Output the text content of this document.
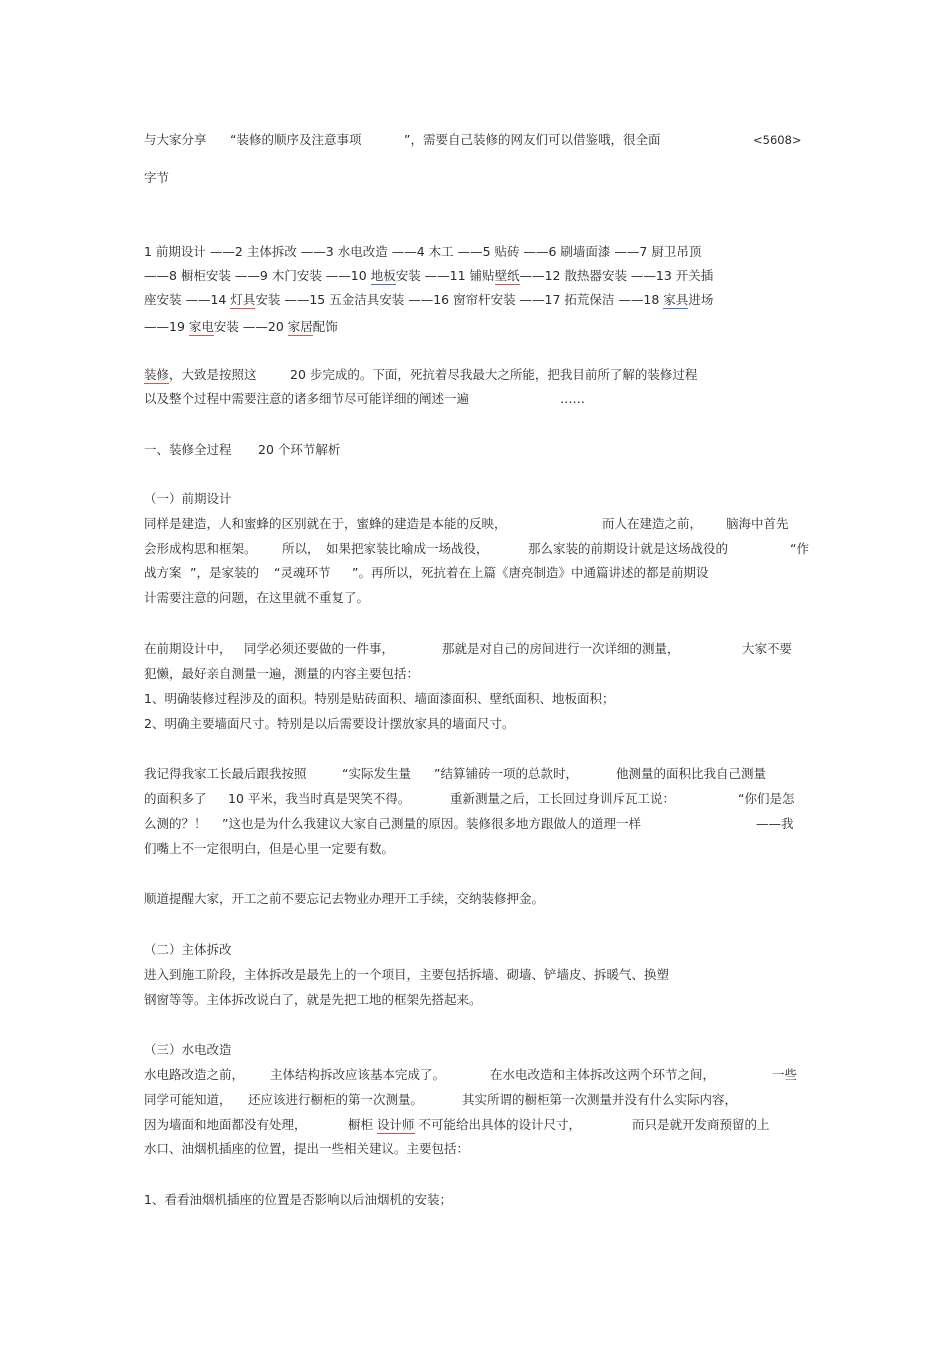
与大家分享 “装修的顺序及注意事项	”，需要自己装修的网友们可以借鉴哦，很全面	<5608>
字节
1 前期设计 ——2 主体拆改 ——3 水电改造 ——4 木工 ——5 贴砖 ——6 刷墙面漆 ——7 厨卫吊顶
——8 橱柜安装 ——9 木门安装 ——10 地板安装 ——11 铺贴壁纸——12 散热器安装 ——13 开关插
座安装 ——14 灯具安装 ——15 五金洁具安装 ——16 窗帘杆安装 ——17 拓荒保洁 ——18 家具进场
——19 家电安装 ——20 家居配饰
装修，大致是按照这	20 步完成的。下面，死抗着尽我最大之所能，把我目前所了解的装修过程
以及整个过程中需要注意的诸多细节尽可能详细的阐述一遍	……
一、装修全过程 20 个环节解析
（一）前期设计
同样是建造，人和蜜蜂的区别就在于，蜜蜂的建造是本能的反映，	而人在建造之前， 脑海中首先
会形成构思和框架。 所以， 如果把家装比喻成一场战役，	那么家装的前期设计就是这场战役的	“作
战方案 ”，是家装的 “灵魂环节 ”。再所以，死抗着在上篇《唐亮制造》中通篇讲述的都是前期设
计需要注意的问题，在这里就不重复了。
在前期设计中， 同学必须还要做的一件事，	那就是对自己的房间进行一次详细的测量，	大家不要
犯懒，最好亲自测量一遍，测量的内容主要包括：
1、明确装修过程涉及的面积。特别是贴砖面积、墙面漆面积、壁纸面积、地板面积；
2、明确主要墙面尺寸。特别是以后需要设计摆放家具的墙面尺寸。
我记得我家工长最后跟我按照	“实际发生量 ”结算铺砖一项的总款时，	他测量的面积比我自己测量
的面积多了 10 平米，我当时真是哭笑不得。	重新测量之后，工长回过身训斥瓦工说：	“你们是怎
么测的？！ ”这也是为什么我建议大家自己测量的原因。装修很多地方跟做人的道理一样	——我
们嘴上不一定很明白，但是心里一定要有数。
顺道提醒大家，开工之前不要忘记去物业办理开工手续，交纳装修押金。
（二）主体拆改
进入到施工阶段，主体拆改是最先上的一个项目，主要包括拆墙、砌墙、铲墙皮、拆暖气、换塑
钢窗等等。主体拆改说白了，就是先把工地的框架先搭起来。
（三）水电改造
水电路改造之前， 主体结构拆改应该基本完成了。	在水电改造和主体拆改这两个环节之间，	一些
同学可能知道， 还应该进行橱柜的第一次测量。	其实所谓的橱柜第一次测量并没有什么实际内容，
因为墙面和地面都没有处理，	橱柜 设计师 不可能给出具体的设计尺寸，	而只是就开发商预留的上
水口、油烟机插座的位置，提出一些相关建议。主要包括：
1、看看油烟机插座的位置是否影响以后油烟机的安装；
